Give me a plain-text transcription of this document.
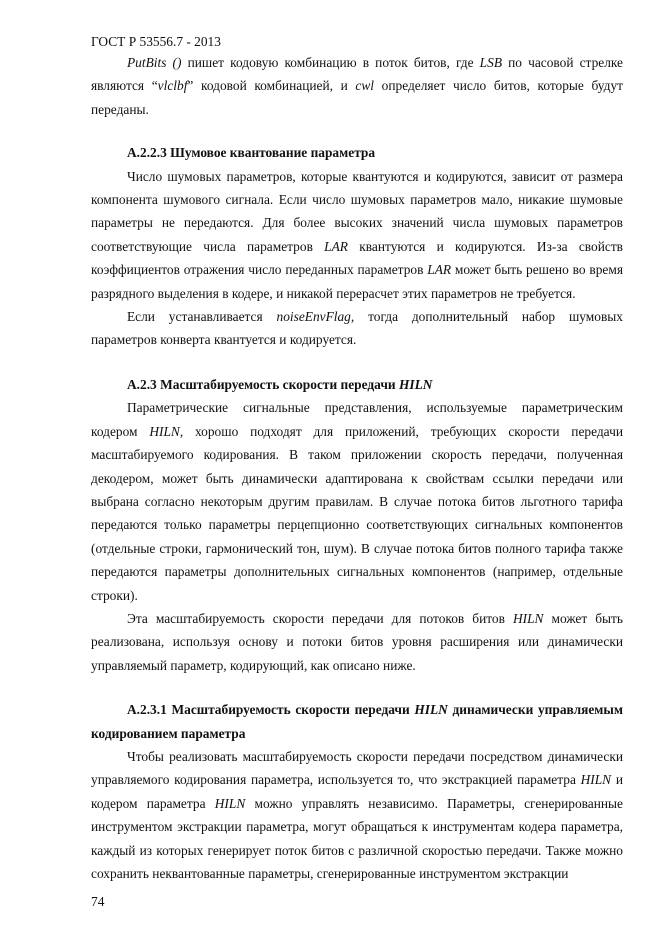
ГОСТ Р 53556.7 - 2013

PutBits () пишет кодовую комбинацию в поток битов, где LSB по часовой стрелке являются “vlclbf” кодовой комбинацией, и cwl определяет число битов, которые будут переданы.

А.2.2.3 Шумовое квантование параметра

Число шумовых параметров, которые квантуются и кодируются, зависит от размера компонента шумового сигнала. Если число шумовых параметров мало, никакие шумовые параметры не передаются. Для более высоких значений числа шумовых параметров соответствующие числа параметров LAR квантуются и кодируются. Из-за свойств коэффициентов отражения число переданных параметров LAR может быть решено во время разрядного выделения в кодере, и никакой перерасчет этих параметров не требуется.

Если устанавливается noiseEnvFlag, тогда дополнительный набор шумовых параметров конверта квантуется и кодируется.

А.2.3 Масштабируемость скорости передачи HILN

Параметрические сигнальные представления, используемые параметрическим кодером HILN, хорошо подходят для приложений, требующих скорости передачи масштабируемого кодирования. В таком приложении скорость передачи, полученная декодером, может быть динамически адаптирована к свойствам ссылки передачи или выбрана согласно некоторым другим правилам. В случае потока битов льготного тарифа передаются только параметры перцепционно соответствующих сигнальных компонентов (отдельные строки, гармонический тон, шум). В случае потока битов полного тарифа также передаются параметры дополнительных сигнальных компонентов (например, отдельные строки).

Эта масштабируемость скорости передачи для потоков битов HILN может быть реализована, используя основу и потоки битов уровня расширения или динамически управляемый параметр, кодирующий, как описано ниже.

А.2.3.1 Масштабируемость скорости передачи HILN динамически управляемым кодированием параметра

Чтобы реализовать масштабируемость скорости передачи посредством динамически управляемого кодирования параметра, используется то, что экстракцией параметра HILN и кодером параметра HILN можно управлять независимо. Параметры, сгенерированные инструментом экстракции параметра, могут обращаться к инструментам кодера параметра, каждый из которых генерирует поток битов с различной скоростью передачи. Также можно сохранить неквантованные параметры, сгенерированные инструментом экстракции

74
